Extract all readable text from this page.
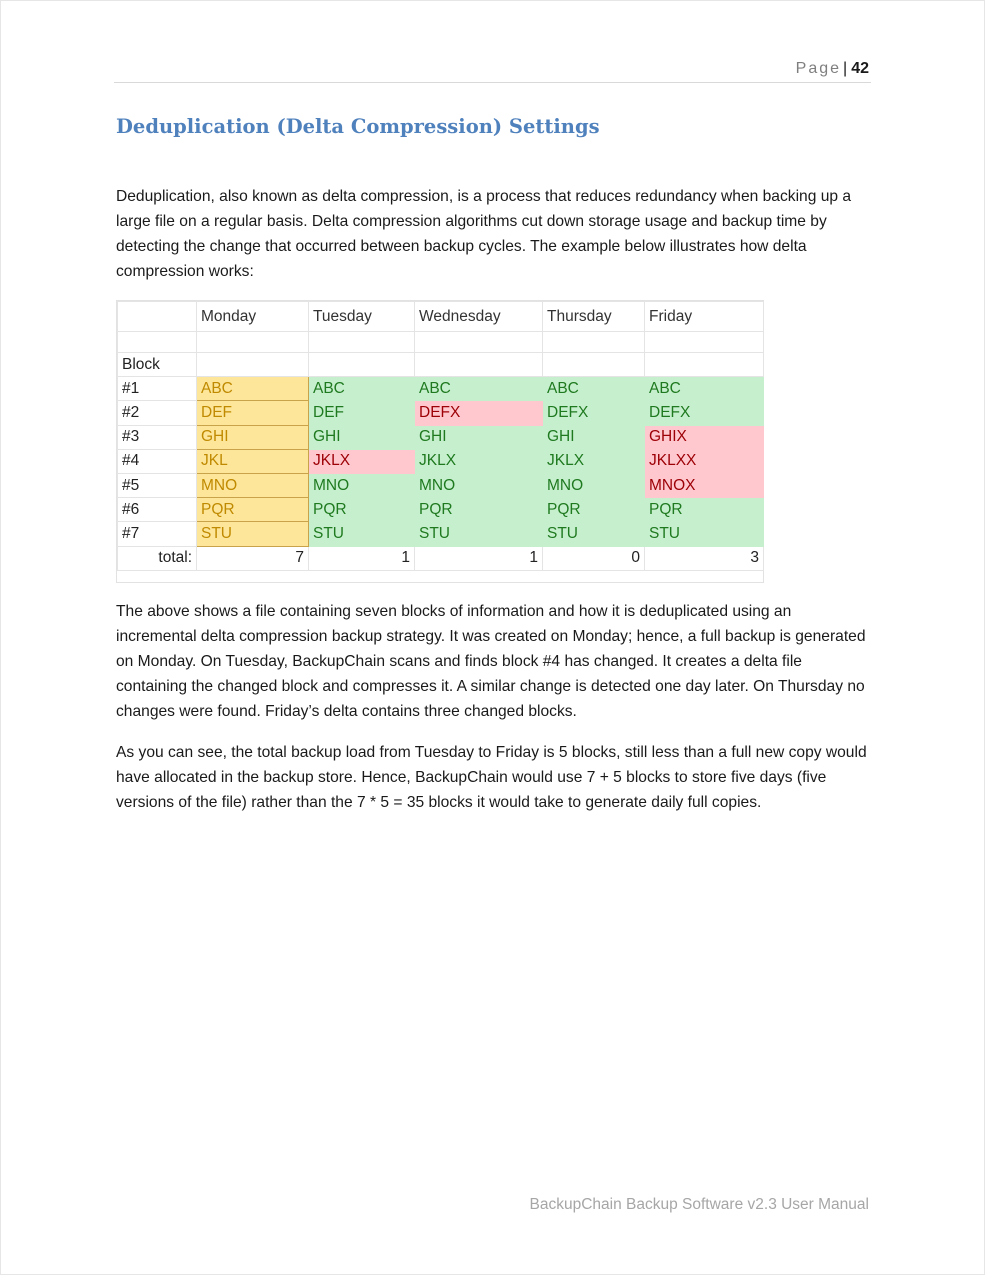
Page | 42
Deduplication (Delta Compression) Settings

Deduplication, also known as delta compression, is a process that reduces redundancy when backing up a large file on a regular basis. Delta compression algorithms cut down storage usage and backup time by detecting the change that occurred between backup cycles. The example below illustrates how delta compression works:

	Monday	Tuesday	Wednesday	Thursday	Friday

Block					
#1	ABC	ABC	ABC	ABC	ABC
#2	DEF	DEF	DEFX	DEFX	DEFX
#3	GHI	GHI	GHI	GHI	GHIX
#4	JKL	JKLX	JKLX	JKLX	JKLXX
#5	MNO	MNO	MNO	MNO	MNOX
#6	PQR	PQR	PQR	PQR	PQR
#7	STU	STU	STU	STU	STU
total:	7	1	1	0	3

The above shows a file containing seven blocks of information and how it is deduplicated using an incremental delta compression backup strategy. It was created on Monday; hence, a full backup is generated on Monday. On Tuesday, BackupChain scans and finds block #4 has changed. It creates a delta file containing the changed block and compresses it. A similar change is detected one day later. On Thursday no changes were found. Friday’s delta contains three changed blocks.

As you can see, the total backup load from Tuesday to Friday is 5 blocks, still less than a full new copy would have allocated in the backup store. Hence, BackupChain would use 7 + 5 blocks to store five days (five versions of the file) rather than the 7 * 5 = 35 blocks it would take to generate daily full copies.

BackupChain Backup Software v2.3 User Manual
